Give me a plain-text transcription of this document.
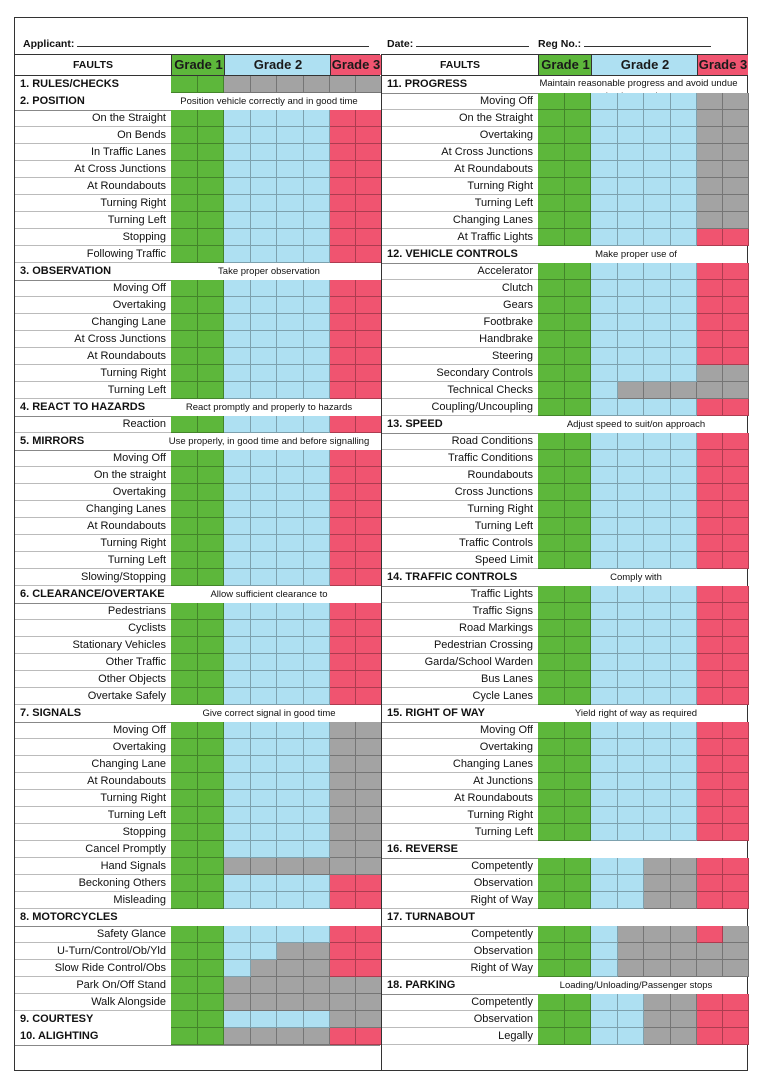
Applicant:	Date:	Reg No.:
FAULTS	Grade 1	Grade 2	Grade 3
1. RULES/CHECKS
2. POSITION	Position vehicle correctly and in good time
On the Straight
On Bends
In Traffic Lanes
At Cross Junctions
At Roundabouts
Turning Right
Turning Left
Stopping
Following Traffic
3. OBSERVATION	Take proper observation
Moving Off
Overtaking
Changing Lane
At Cross Junctions
At Roundabouts
Turning Right
Turning Left
4. REACT TO HAZARDS	React promptly and properly to hazards
Reaction
5. MIRRORS	Use properly, in good time and before signalling
Moving Off
On the straight
Overtaking
Changing Lanes
At Roundabouts
Turning Right
Turning Left
Slowing/Stopping
6. CLEARANCE/OVERTAKE	Allow sufficient clearance to
Pedestrians
Cyclists
Stationary Vehicles
Other Traffic
Other Objects
Overtake Safely
7. SIGNALS	Give correct signal in good time
Moving Off
Overtaking
Changing Lane
At Roundabouts
Turning Right
Turning Left
Stopping
Cancel Promptly
Hand Signals
Beckoning Others
Misleading
8. MOTORCYCLES
Safety Glance
U-Turn/Control/Ob/Yld
Slow Ride Control/Obs
Park On/Off Stand
Walk Alongside
9. COURTESY
10. ALIGHTING
FAULTS	Grade 1	Grade 2	Grade 3
11. PROGRESS	Maintain reasonable progress and avoid undue
Moving Off
On the Straight
Overtaking
At Cross Junctions
At Roundabouts
Turning Right
Turning Left
Changing Lanes
At Traffic Lights
12. VEHICLE CONTROLS	Make proper use of
Accelerator
Clutch
Gears
Footbrake
Handbrake
Steering
Secondary Controls
Technical Checks
Coupling/Uncoupling
13. SPEED	Adjust speed to suit/on approach
Road Conditions
Traffic Conditions
Roundabouts
Cross Junctions
Turning Right
Turning Left
Traffic Controls
Speed Limit
14. TRAFFIC CONTROLS	Comply with
Traffic Lights
Traffic Signs
Road Markings
Pedestrian Crossing
Garda/School Warden
Bus Lanes
Cycle Lanes
15. RIGHT OF WAY	Yield right of way as required
Moving Off
Overtaking
Changing Lanes
At Junctions
At Roundabouts
Turning Right
Turning Left
16. REVERSE
Competently
Observation
Right of Way
17. TURNABOUT
Competently
Observation
Right of Way
18. PARKING	Loading/Unloading/Passenger stops
Competently
Observation
Legally
